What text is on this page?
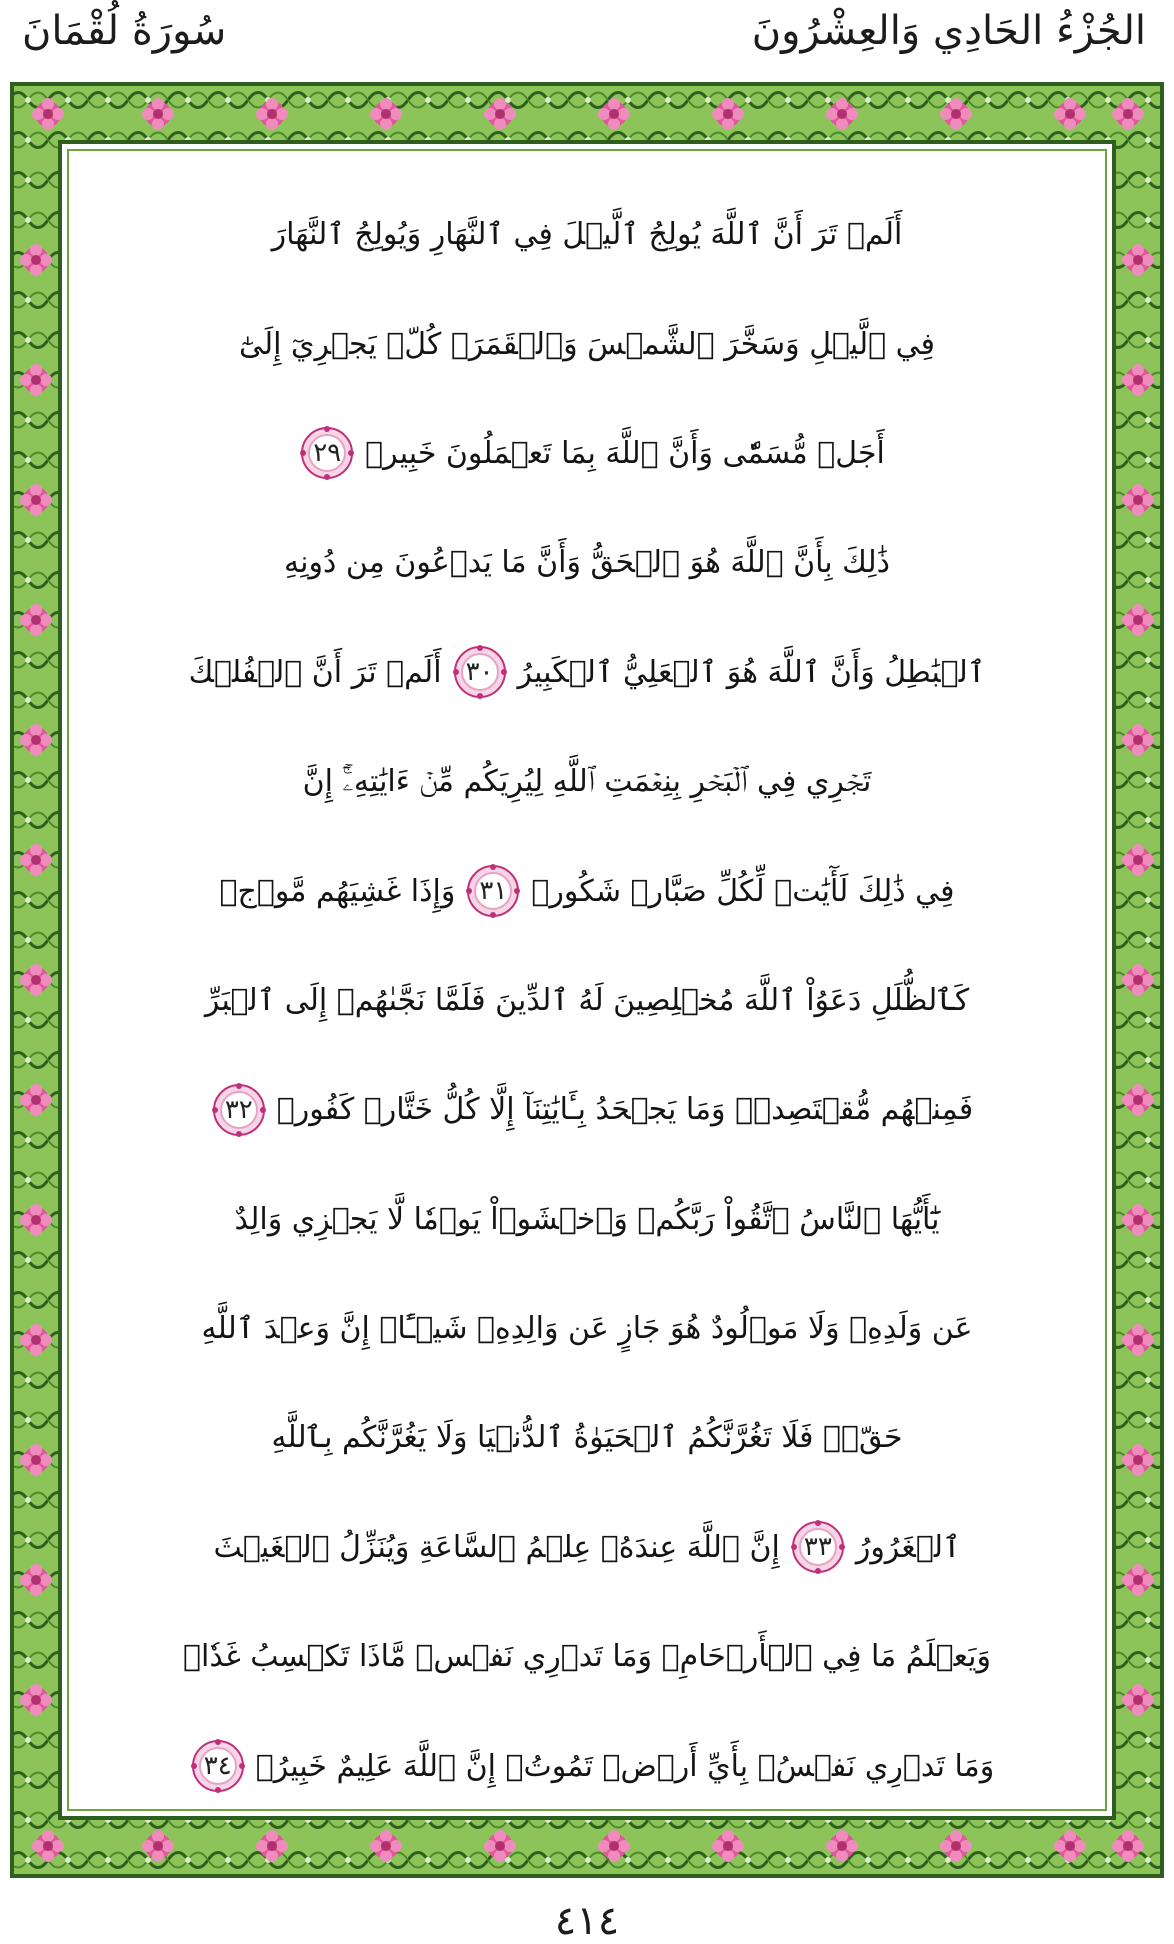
الجُزْءُ الحَادِي وَالعِشْرُونَ
سُورَةُ لُقْمَانَ
أَلَمۡ تَرَ أَنَّ ٱللَّهَ يُولِجُ ٱلَّيۡلَ فِي ٱلنَّهَارِ وَيُولِجُ ٱلنَّهَارَ
فِي ٱلَّيۡلِ وَسَخَّرَ ٱلشَّمۡسَ وَٱلۡقَمَرَۖ كُلّٞ يَجۡرِيٓ إِلَىٰٓ
أَجَلٖ مُّسَمّٗى وَأَنَّ ٱللَّهَ بِمَا تَعۡمَلُونَ خَبِيرٞ
٢٩
ذَٰلِكَ بِأَنَّ ٱللَّهَ هُوَ ٱلۡحَقُّ وَأَنَّ مَا يَدۡعُونَ مِن دُونِهِ
ٱلۡبَٰطِلُ وَأَنَّ ٱللَّهَ هُوَ ٱلۡعَلِيُّ ٱلۡكَبِيرُ
٣٠
أَلَمۡ تَرَ أَنَّ ٱلۡفُلۡكَ
تَجۡرِي فِي ٱلۡبَحۡرِ بِنِعۡمَتِ ٱللَّهِ لِيُرِيَكُم مِّنۡ ءَايَٰتِهِۦٓۚ إِنَّ
فِي ذَٰلِكَ لَأٓيَٰتٖ لِّكُلِّ صَبَّارٖ شَكُورٖ
٣١
وَإِذَا غَشِيَهُم مَّوۡجٞ
كَٱلظُّلَلِ دَعَوُاْ ٱللَّهَ مُخۡلِصِينَ لَهُ ٱلدِّينَ فَلَمَّا نَجَّىٰهُمۡ إِلَى ٱلۡبَرِّ
فَمِنۡهُم مُّقۡتَصِدٞۚ وَمَا يَجۡحَدُ بِـَٔايَٰتِنَآ إِلَّا كُلُّ خَتَّارٖ كَفُورٖ
٣٢
يَٰٓأَيُّهَا ٱلنَّاسُ ٱتَّقُواْ رَبَّكُمۡ وَٱخۡشَوۡاْ يَوۡمٗا لَّا يَجۡزِي وَالِدٌ
عَن وَلَدِهِۦ وَلَا مَوۡلُودٌ هُوَ جَازٍ عَن وَالِدِهِۦ شَيۡـًٔاۚ إِنَّ وَعۡدَ ٱللَّهِ
حَقّٞۖ فَلَا تَغُرَّنَّكُمُ ٱلۡحَيَوٰةُ ٱلدُّنۡيَا وَلَا يَغُرَّنَّكُم بِٱللَّهِ
ٱلۡغَرُورُ
٣٣
إِنَّ ٱللَّهَ عِندَهُۥ عِلۡمُ ٱلسَّاعَةِ وَيُنَزِّلُ ٱلۡغَيۡثَ
وَيَعۡلَمُ مَا فِي ٱلۡأَرۡحَامِۖ وَمَا تَدۡرِي نَفۡسٞ مَّاذَا تَكۡسِبُ غَدٗاۖ
وَمَا تَدۡرِي نَفۡسُۢ بِأَيِّ أَرۡضٖ تَمُوتُۚ إِنَّ ٱللَّهَ عَلِيمٌ خَبِيرُۢ
٣٤
٤١٤
